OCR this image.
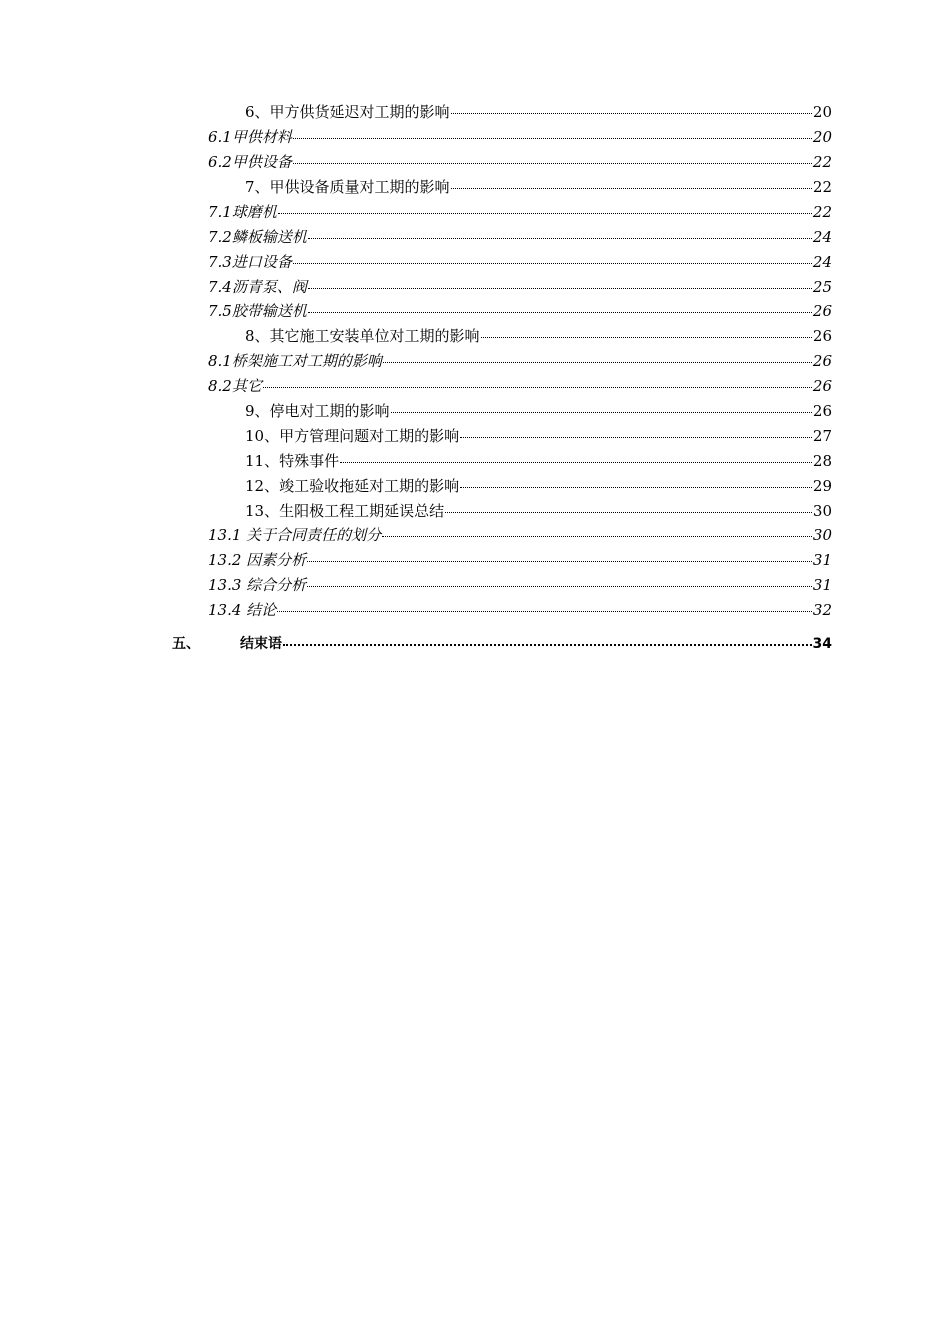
6、甲方供货延迟对工期的影响	20
6.1甲供材料	20
6.2甲供设备	22
7、甲供设备质量对工期的影响	22
7.1球磨机	22
7.2鳞板输送机	24
7.3进口设备	24
7.4沥青泵、阀	25
7.5胶带输送机	26
8、其它施工安装单位对工期的影响	26
8.1桥架施工对工期的影响	26
8.2其它	26
9、停电对工期的影响	26
10、甲方管理问题对工期的影响	27
11、特殊事件	28
12、竣工验收拖延对工期的影响	29
13、生阳极工程工期延误总结	30
13.1 关于合同责任的划分	30
13.2 因素分析	31
13.3 综合分析	31
13.4 结论	32
五、	结束语	34
